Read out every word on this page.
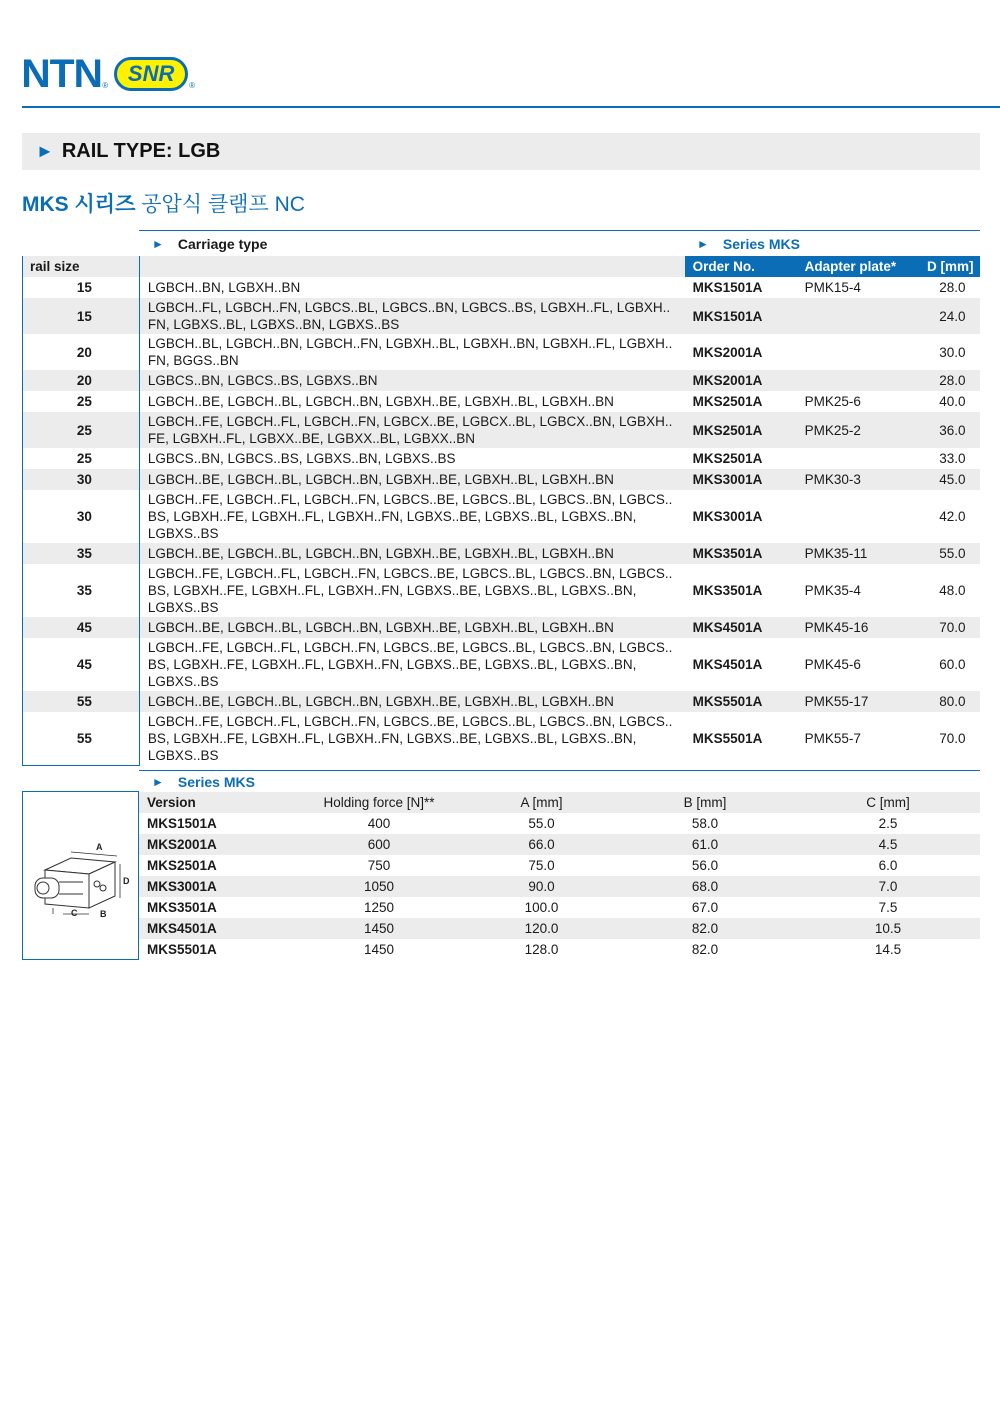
NTN ® SNR	®
► RAIL TYPE: LGB
MKS 시리즈 공압식 클램프 NC
► Carriage type	► Series MKS
rail size		Order No.	Adapter plate*	D [mm]
15	LGBCH..BN, LGBXH..BN	MKS1501A	PMK15-4	28.0
15	LGBCH..FL, LGBCH..FN, LGBCS..BL, LGBCS..BN, LGBCS..BS, LGBXH..FL, LGBXH.. FN, LGBXS..BL, LGBXS..BN, LGBXS..BS	MKS1501A		24.0
20	LGBCH..BL, LGBCH..BN, LGBCH..FN, LGBXH..BL, LGBXH..BN, LGBXH..FL, LGBXH.. FN, BGGS..BN	MKS2001A		30.0
20	LGBCS..BN, LGBCS..BS, LGBXS..BN	MKS2001A		28.0
25	LGBCH..BE, LGBCH..BL, LGBCH..BN, LGBXH..BE, LGBXH..BL, LGBXH..BN	MKS2501A	PMK25-6	40.0
25	LGBCH..FE, LGBCH..FL, LGBCH..FN, LGBCX..BE, LGBCX..BL, LGBCX..BN, LGBXH.. FE, LGBXH..FL, LGBXX..BE, LGBXX..BL, LGBXX..BN	MKS2501A	PMK25-2	36.0
25	LGBCS..BN, LGBCS..BS, LGBXS..BN, LGBXS..BS	MKS2501A		33.0
30	LGBCH..BE, LGBCH..BL, LGBCH..BN, LGBXH..BE, LGBXH..BL, LGBXH..BN	MKS3001A	PMK30-3	45.0
30	LGBCH..FE, LGBCH..FL, LGBCH..FN, LGBCS..BE, LGBCS..BL, LGBCS..BN, LGBCS.. BS, LGBXH..FE, LGBXH..FL, LGBXH..FN, LGBXS..BE, LGBXS..BL, LGBXS..BN, LGBXS..BS	MKS3001A		42.0
35	LGBCH..BE, LGBCH..BL, LGBCH..BN, LGBXH..BE, LGBXH..BL, LGBXH..BN	MKS3501A	PMK35-11	55.0
35	LGBCH..FE, LGBCH..FL, LGBCH..FN, LGBCS..BE, LGBCS..BL, LGBCS..BN, LGBCS.. BS, LGBXH..FE, LGBXH..FL, LGBXH..FN, LGBXS..BE, LGBXS..BL, LGBXS..BN, LGBXS..BS	MKS3501A	PMK35-4	48.0
45	LGBCH..BE, LGBCH..BL, LGBCH..BN, LGBXH..BE, LGBXH..BL, LGBXH..BN	MKS4501A	PMK45-16	70.0
45	LGBCH..FE, LGBCH..FL, LGBCH..FN, LGBCS..BE, LGBCS..BL, LGBCS..BN, LGBCS.. BS, LGBXH..FE, LGBXH..FL, LGBXH..FN, LGBXS..BE, LGBXS..BL, LGBXS..BN, LGBXS..BS	MKS4501A	PMK45-6	60.0
55	LGBCH..BE, LGBCH..BL, LGBCH..BN, LGBXH..BE, LGBXH..BL, LGBXH..BN	MKS5501A	PMK55-17	80.0
55	LGBCH..FE, LGBCH..FL, LGBCH..FN, LGBCS..BE, LGBCS..BL, LGBCS..BN, LGBCS.. BS, LGBXH..FE, LGBXH..FL, LGBXH..FN, LGBXS..BE, LGBXS..BL, LGBXS..BN, LGBXS..BS	MKS5501A	PMK55-7	70.0
► Series MKS
A
D
C	B
Version	Holding force [N]**	A [mm]	B [mm]	C [mm]
MKS1501A	400	55.0	58.0	2.5
MKS2001A	600	66.0	61.0	4.5
MKS2501A	750	75.0	56.0	6.0
MKS3001A	1050	90.0	68.0	7.0
MKS3501A	1250	100.0	67.0	7.5
MKS4501A	1450	120.0	82.0	10.5
MKS5501A	1450	128.0	82.0	14.5
